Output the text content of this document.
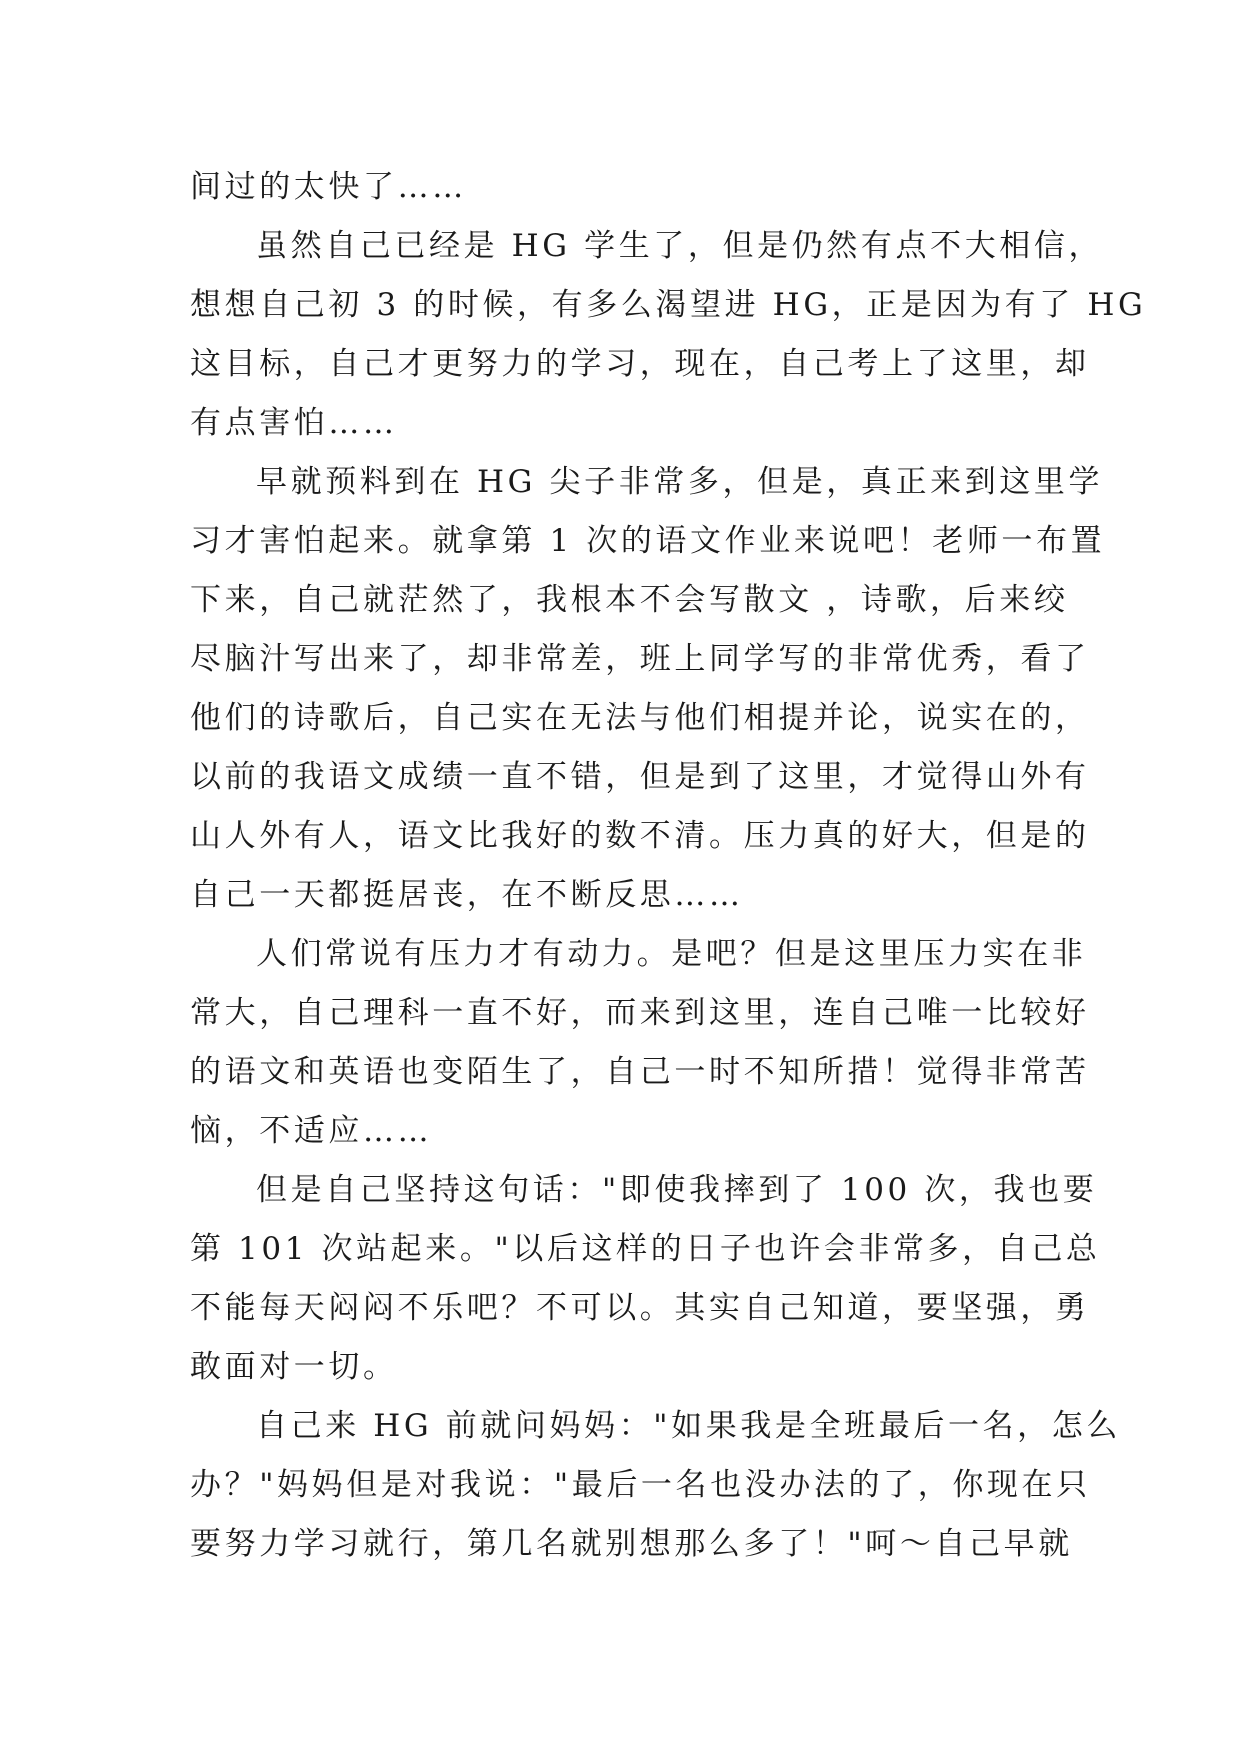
间过的太快了……
虽然自己已经是 HG 学生了，但是仍然有点不大相信，
想想自己初 3 的时候，有多么渴望进 HG，正是因为有了 HG
这目标，自己才更努力的学习，现在，自己考上了这里，却
有点害怕……
早就预料到在 HG 尖子非常多，但是，真正来到这里学
习才害怕起来。就拿第 1 次的语文作业来说吧！老师一布置
下来，自己就茫然了，我根本不会写散文 ，诗歌，后来绞
尽脑汁写出来了，却非常差，班上同学写的非常优秀，看了
他们的诗歌后，自己实在无法与他们相提并论，说实在的，
以前的我语文成绩一直不错，但是到了这里，才觉得山外有
山人外有人，语文比我好的数不清。压力真的好大，但是的
自己一天都挺居丧，在不断反思……
人们常说有压力才有动力。是吧？但是这里压力实在非
常大，自己理科一直不好，而来到这里，连自己唯一比较好
的语文和英语也变陌生了，自己一时不知所措！觉得非常苦
恼，不适应……
但是自己坚持这句话："即使我摔到了 100 次，我也要
第 101 次站起来。"以后这样的日子也许会非常多，自己总
不能每天闷闷不乐吧？不可以。其实自己知道，要坚强，勇
敢面对一切。
自己来 HG 前就问妈妈："如果我是全班最后一名，怎么
办？"妈妈但是对我说："最后一名也没办法的了，你现在只
要努力学习就行，第几名就别想那么多了！"呵～自己早就
